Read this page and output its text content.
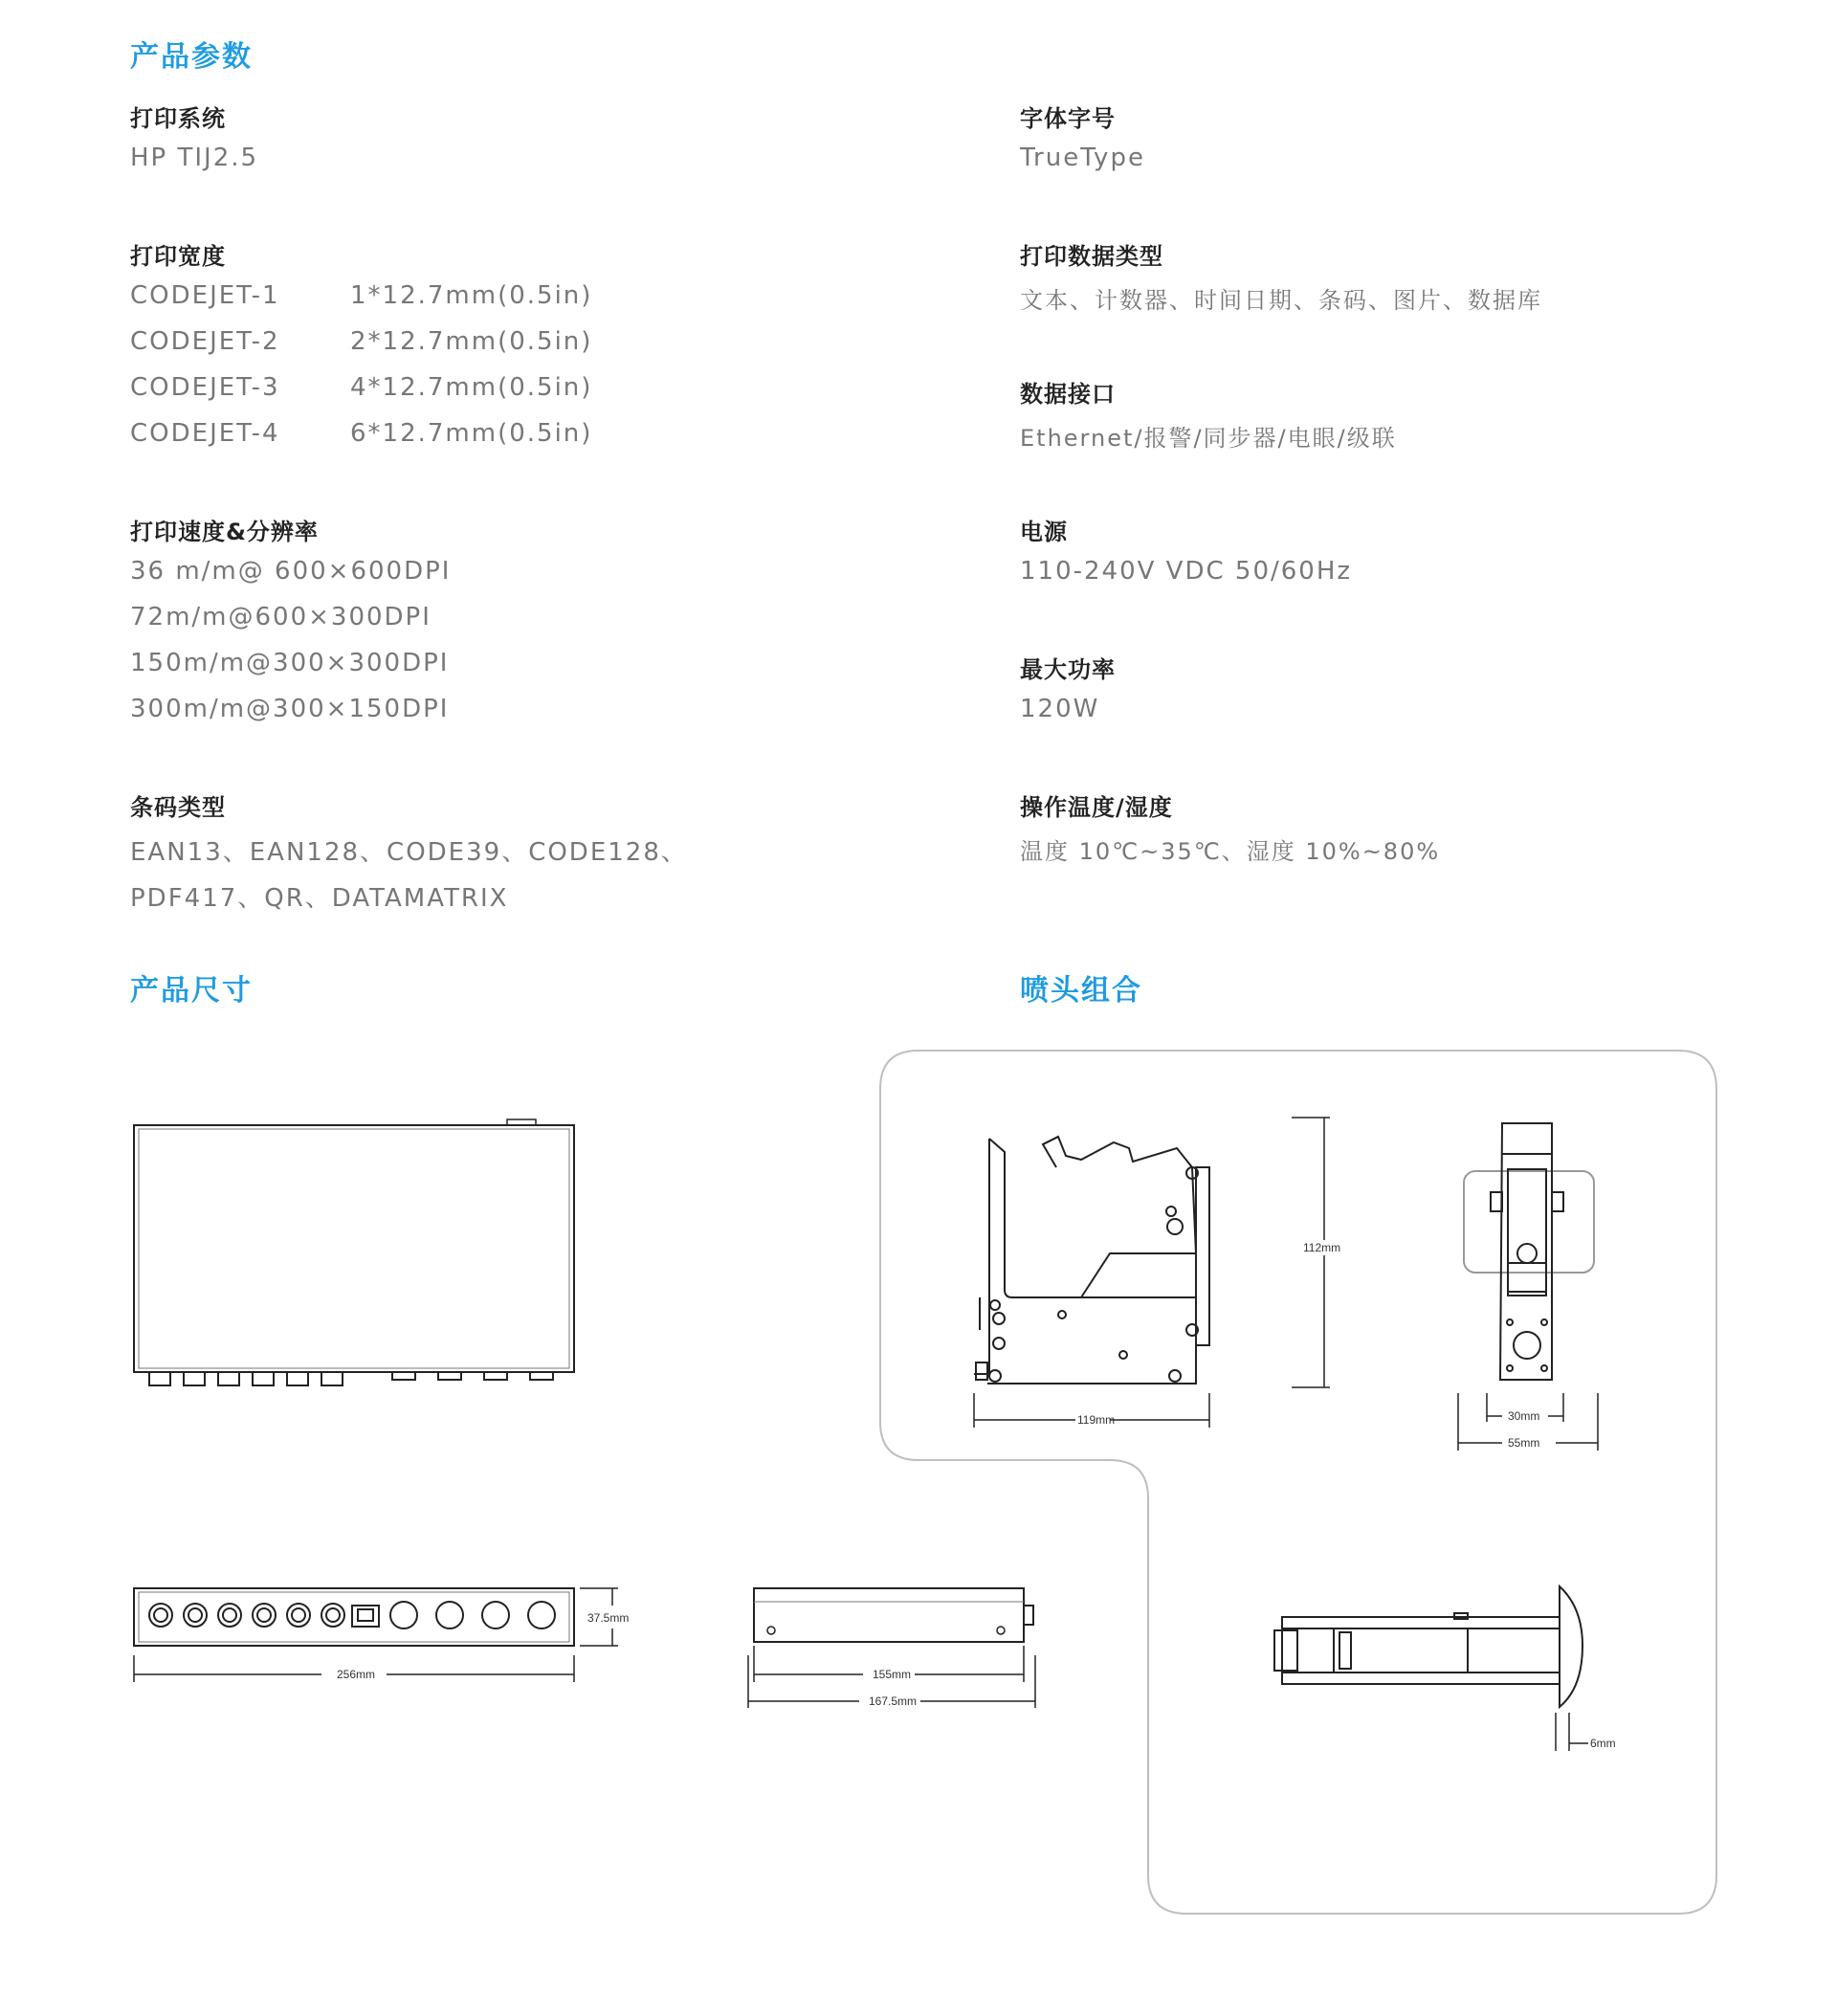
产品参数
产品尺寸	喷头组合
打印系统
HP TIJ2.5
打印宽度
CODEJET-1	1*12.7mm(0.5in)
CODEJET-2	2*12.7mm(0.5in)
CODEJET-3	4*12.7mm(0.5in)
CODEJET-4	6*12.7mm(0.5in)
打印速度&分辨率
36 m/m@ 600×600DPI
72m/m@600×300DPI
150m/m@300×300DPI
300m/m@300×150DPI
条码类型
EAN13、EAN128、CODE39、CODE128、
PDF417、QR、DATAMATRIX
字体字号
TrueType
打印数据类型
文本、计数器、时间日期、条码、图片、数据库
数据接口
Ethernet/报警/同步器/电眼/级联
电源
110-240V VDC 50/60Hz
最大功率
120W
操作温度/湿度
温度 10℃~35℃、湿度 10%~80%
37.5mm
256mm	155mm
167.5mm
112mm
119mm	30mm
55mm
6mm
